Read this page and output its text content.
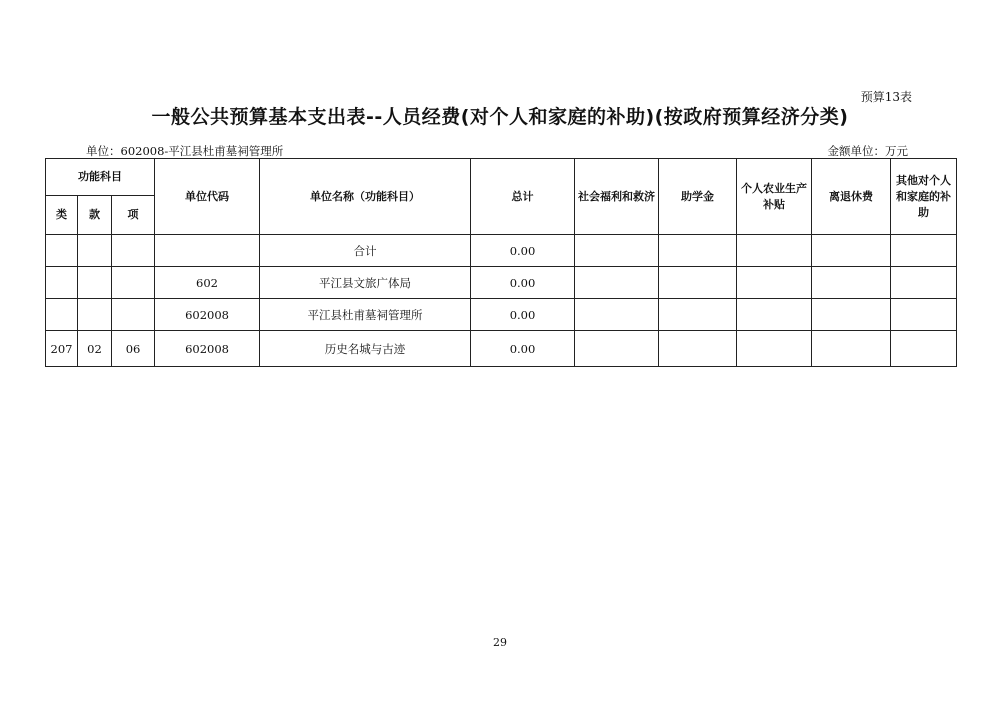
预算13表
一般公共预算基本支出表--人员经费(对个人和家庭的补助)(按政府预算经济分类)
单位：602008-平江县杜甫墓祠管理所	金额单位：万元
功能科目			单位代码	单位名称（功能科目）	总计	社会福利和救济	助学金	个人农业生产补贴	离退休费	其他对个人和家庭的补助
类	款	项								
				合计	0.00					
			602	平江县文旅广体局	0.00					
			602008	平江县杜甫墓祠管理所	0.00					
207	02	06	602008	历史名城与古迹	0.00					
29
